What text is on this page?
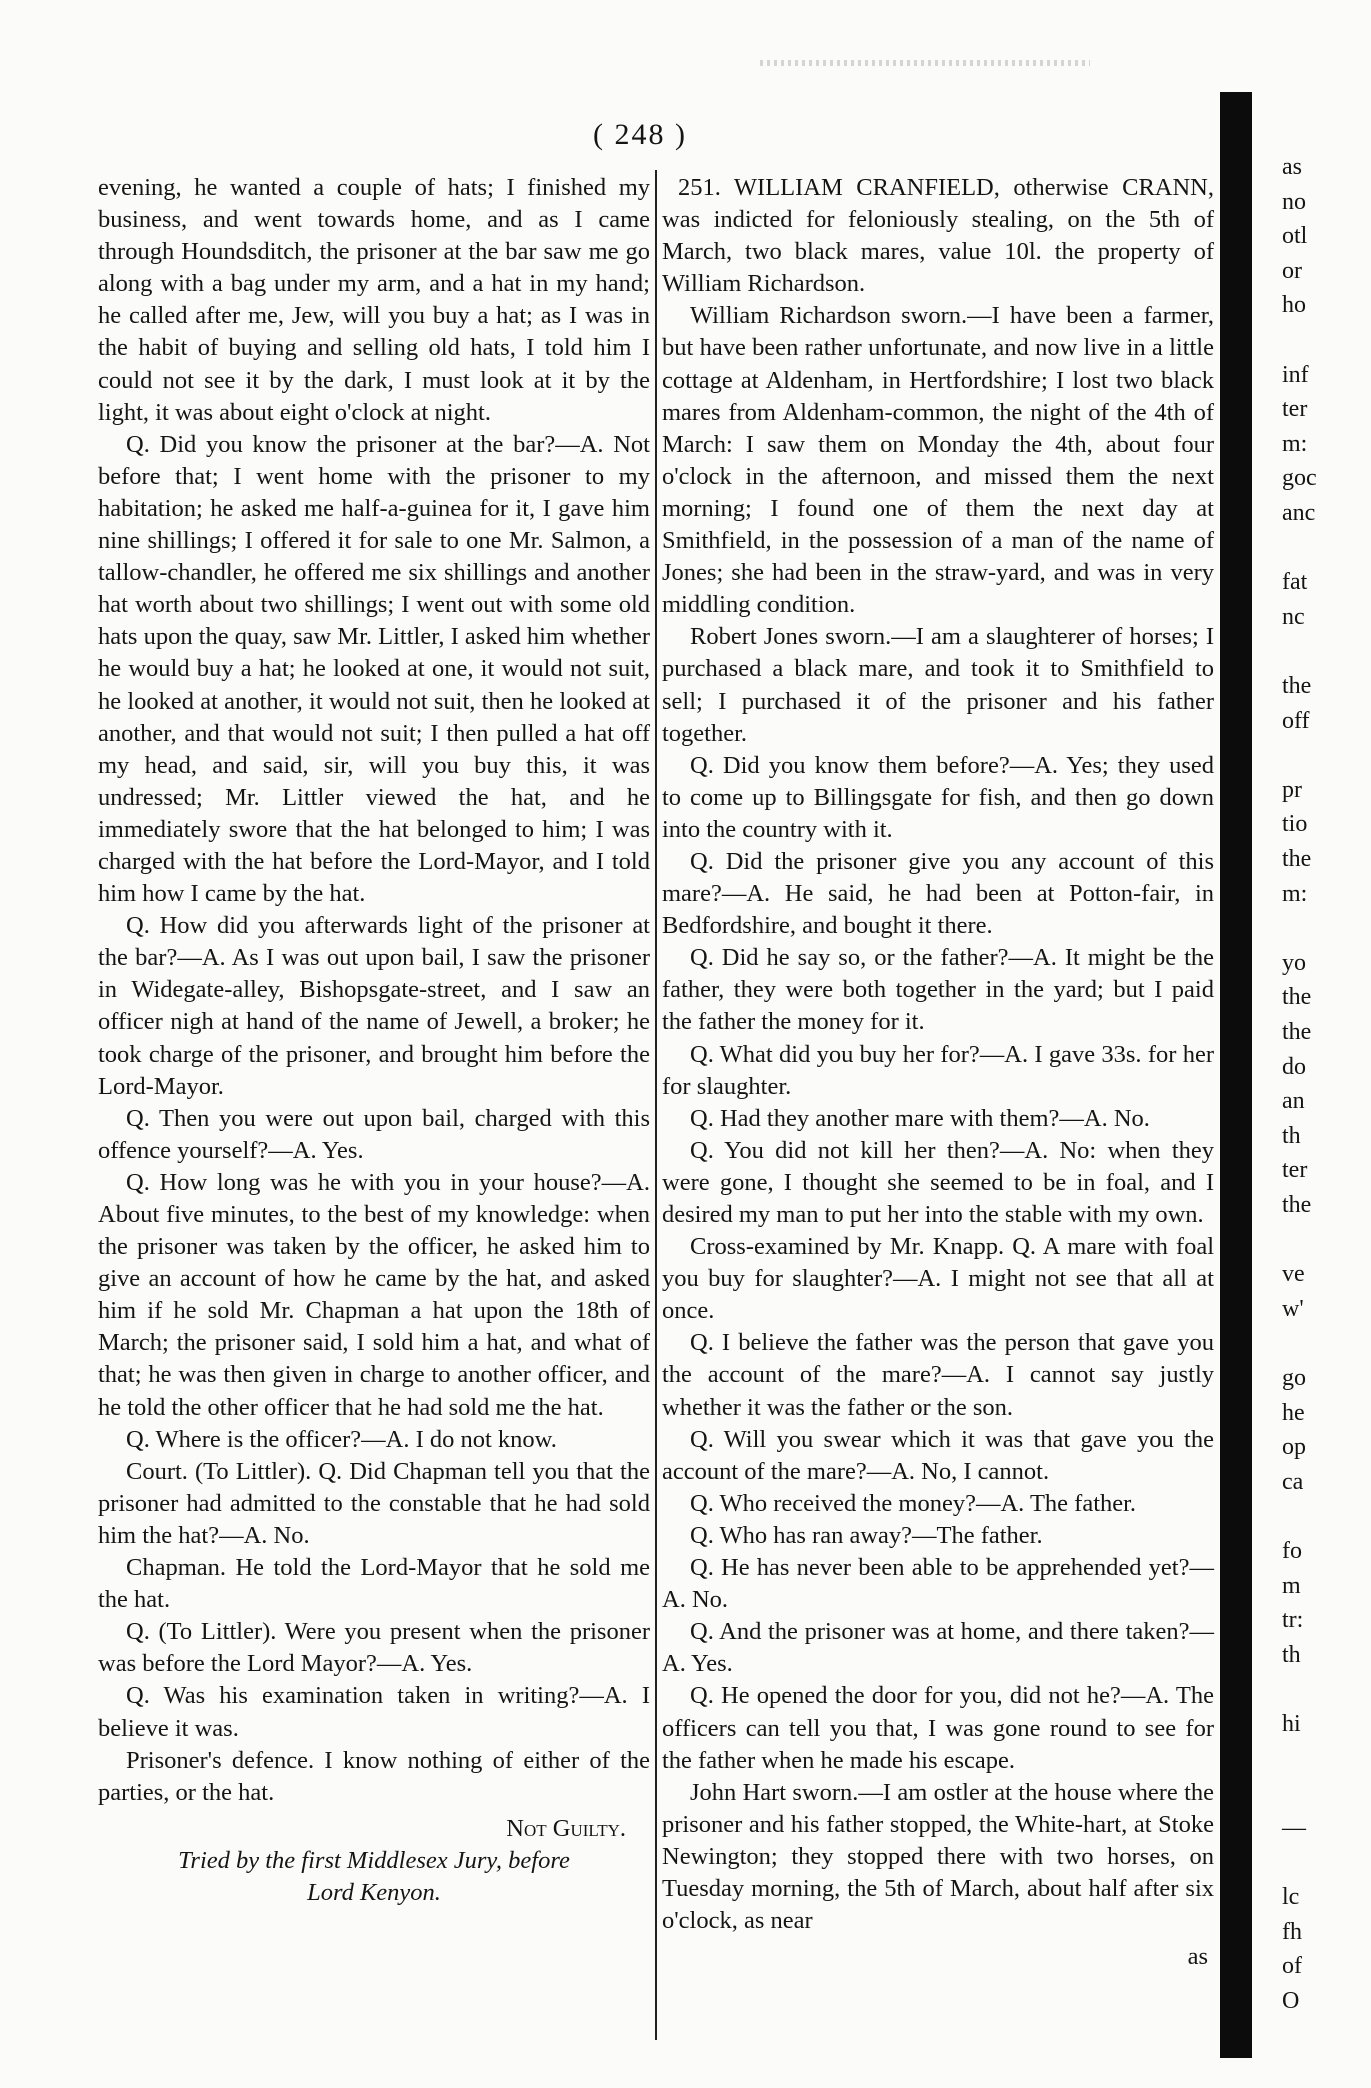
( 248 )

evening, he wanted a couple of hats; I finished my business, and went towards home, and as I came through Houndsditch, the prisoner at the bar saw me go along with a bag under my arm, and a hat in my hand; he called after me, Jew, will you buy a hat; as I was in the habit of buying and selling old hats, I told him I could not see it by the dark, I must look at it by the light, it was about eight o'clock at night.

Q. Did you know the prisoner at the bar?—A. Not before that; I went home with the prisoner to my habitation; he asked me half-a-guinea for it, I gave him nine shillings; I offered it for sale to one Mr. Salmon, a tallow-chandler, he offered me six shillings and another hat worth about two shillings; I went out with some old hats upon the quay, saw Mr. Littler, I asked him whether he would buy a hat; he looked at one, it would not suit, he looked at another, it would not suit, then he looked at another, and that would not suit; I then pulled a hat off my head, and said, sir, will you buy this, it was undressed; Mr. Littler viewed the hat, and he immediately swore that the hat belonged to him; I was charged with the hat before the Lord-Mayor, and I told him how I came by the hat.

Q. How did you afterwards light of the prisoner at the bar?—A. As I was out upon bail, I saw the prisoner in Widegate-alley, Bishopsgate-street, and I saw an officer nigh at hand of the name of Jewell, a broker; he took charge of the prisoner, and brought him before the Lord-Mayor.

Q. Then you were out upon bail, charged with this offence yourself?—A. Yes.

Q. How long was he with you in your house?—A. About five minutes, to the best of my knowledge: when the prisoner was taken by the officer, he asked him to give an account of how he came by the hat, and asked him if he sold Mr. Chapman a hat upon the 18th of March; the prisoner said, I sold him a hat, and what of that; he was then given in charge to another officer, and he told the other officer that he had sold me the hat.

Q. Where is the officer?—A. I do not know.

Court. (To Littler). Q. Did Chapman tell you that the prisoner had admitted to the constable that he had sold him the hat?—A. No.

Chapman. He told the Lord-Mayor that he sold me the hat.

Q. (To Littler). Were you present when the prisoner was before the Lord Mayor?—A. Yes.

Q. Was his examination taken in writing?—A. I believe it was.

Prisoner's defence. I know nothing of either of the parties, or the hat.

Not Guilty.

Tried by the first Middlesex Jury, before

Lord Kenyon.

251. WILLIAM CRANFIELD, otherwise CRANN, was indicted for feloniously stealing, on the 5th of March, two black mares, value 10l. the property of William Richardson.

William Richardson sworn.—I have been a farmer, but have been rather unfortunate, and now live in a little cottage at Aldenham, in Hertfordshire; I lost two black mares from Aldenham-common, the night of the 4th of March: I saw them on Monday the 4th, about four o'clock in the afternoon, and missed them the next morning; I found one of them the next day at Smithfield, in the possession of a man of the name of Jones; she had been in the straw-yard, and was in very middling condition.

Robert Jones sworn.—I am a slaughterer of horses; I purchased a black mare, and took it to Smithfield to sell; I purchased it of the prisoner and his father together.

Q. Did you know them before?—A. Yes; they used to come up to Billingsgate for fish, and then go down into the country with it.

Q. Did the prisoner give you any account of this mare?—A. He said, he had been at Potton-fair, in Bedfordshire, and bought it there.

Q. Did he say so, or the father?—A. It might be the father, they were both together in the yard; but I paid the father the money for it.

Q. What did you buy her for?—A. I gave 33s. for her for slaughter.

Q. Had they another mare with them?—A. No.

Q. You did not kill her then?—A. No: when they were gone, I thought she seemed to be in foal, and I desired my man to put her into the stable with my own.

Cross-examined by Mr. Knapp. Q. A mare with foal you buy for slaughter?—A. I might not see that all at once.

Q. I believe the father was the person that gave you the account of the mare?—A. I cannot say justly whether it was the father or the son.

Q. Will you swear which it was that gave you the account of the mare?—A. No, I cannot.

Q. Who received the money?—A. The father.

Q. Who has ran away?—The father.

Q. He has never been able to be apprehended yet?—A. No.

Q. And the prisoner was at home, and there taken?—A. Yes.

Q. He opened the door for you, did not he?—A. The officers can tell you that, I was gone round to see for the father when he made his escape.

John Hart sworn.—I am ostler at the house where the prisoner and his father stopped, the White-hart, at Stoke Newington; they stopped there with two horses, on Tuesday morning, the 5th of March, about half after six o'clock, as near

as

as
no
otl
or
ho
inf
ter
m:
goc
anc
fat
nc
the
off
pr
tio
the
m:
yo
the
the
do
an
th
ter
the
ve
w'
go
he
op
ca
fo
m
tr:
th
hi
—
lc
fh
of
O
